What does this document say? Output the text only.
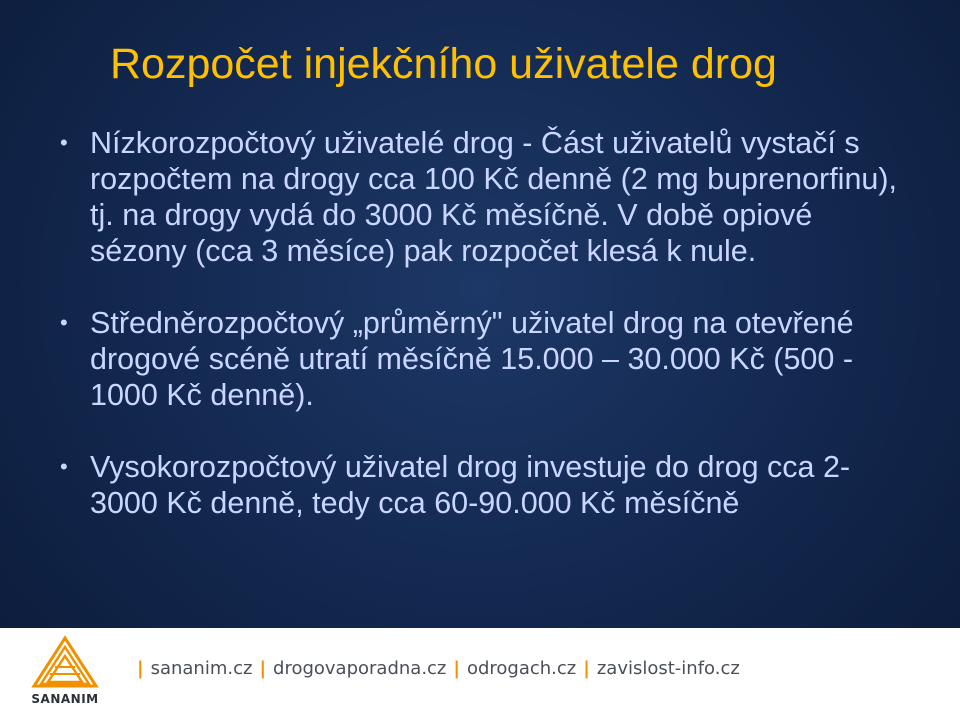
Rozpočet injekčního uživatele drog
• Nízkorozpočtový uživatelé drog - Část uživatelů vystačí s rozpočtem na drogy cca 100 Kč denně (2 mg buprenorfinu), tj. na drogy vydá do 3000 Kč měsíčně. V době opiové sézony (cca 3 měsíce) pak rozpočet klesá k nule.
• Středněrozpočtový „průměrný" uživatel drog na otevřené drogové scéně utratí měsíčně 15.000 – 30.000 Kč (500 - 1000 Kč denně).
• Vysokorozpočtový uživatel drog investuje do drog cca 2-3000 Kč denně, tedy cca 60-90.000 Kč měsíčně
SANANIM
| sananim.cz | drogovaporadna.cz | odrogach.cz | zavislost-info.cz
